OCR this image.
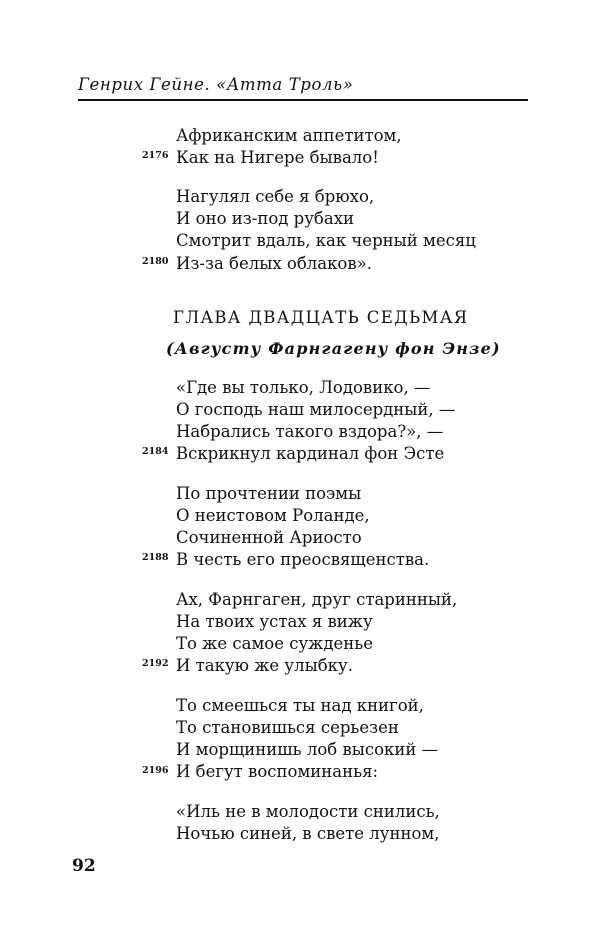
Генрих Гейне. «Атта Троль»
Африканским аппетитом,
2176 Как на Нигере бывало!
Нагулял себе я брюхо,
И оно из-под рубахи
Смотрит вдаль, как черный месяц
2180 Из-за белых облаков».
ГЛАВА ДВАДЦАТЬ СЕДЬМАЯ
(Августу Фарнгагену фон Энзе)
«Где вы только, Лодовико, —
О господь наш милосердный, —
Набрались такого вздора?», —
2184 Вскрикнул кардинал фон Эсте
По прочтении поэмы
О неистовом Роланде,
Сочиненной Ариосто
2188 В честь его преосвященства.
Ах, Фарнгаген, друг старинный,
На твоих устах я вижу
То же самое сужденье
2192 И такую же улыбку.
То смеешься ты над книгой,
То становишься серьезен
И морщинишь лоб высокий —
2196 И бегут воспоминанья:
«Иль не в молодости снились,
Ночью синей, в свете лунном,
92
